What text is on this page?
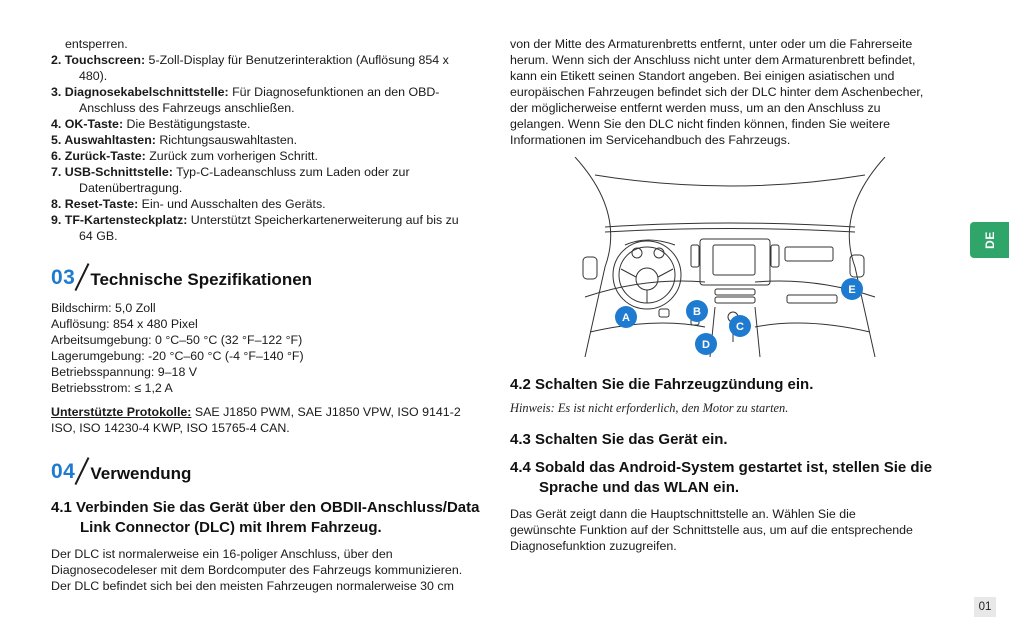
entsperren.
2. Touchscreen: 5-Zoll-Display für Benutzerinteraktion (Auflösung 854 x
480).
3. Diagnosekabelschnittstelle: Für Diagnosefunktionen an den OBD-
Anschluss des Fahrzeugs anschließen.
4. OK-Taste: Die Bestätigungstaste.
5. Auswahltasten: Richtungsauswahltasten.
6. Zurück-Taste: Zurück zum vorherigen Schritt.
7. USB-Schnittstelle: Typ-C-Ladeanschluss zum Laden oder zur
Datenübertragung.
8. Reset-Taste: Ein- und Ausschalten des Geräts.
9. TF-Kartensteckplatz: Unterstützt Speicherkartenerweiterung auf bis zu
64 GB.
03 Technische Spezifikationen
Bildschirm: 5,0 Zoll
Auflösung: 854 x 480 Pixel
Arbeitsumgebung: 0 °C–50 °C (32 °F–122 °F)
Lagerumgebung: -20 °C–60 °C (-4 °F–140 °F)
Betriebsspannung: 9–18 V
Betriebsstrom: ≤ 1,2 A
Unterstützte Protokolle: SAE J1850 PWM, SAE J1850 VPW, ISO 9141-2
ISO, ISO 14230-4 KWP, ISO 15765-4 CAN.
04 Verwendung
4.1 Verbinden Sie das Gerät über den OBDII-Anschluss/Data
Link Connector (DLC) mit Ihrem Fahrzeug.
Der DLC ist normalerweise ein 16-poliger Anschluss, über den
Diagnosecodeleser mit dem Bordcomputer des Fahrzeugs kommunizieren.
Der DLC befindet sich bei den meisten Fahrzeugen normalerweise 30 cm
von der Mitte des Armaturenbretts entfernt, unter oder um die Fahrerseite
herum. Wenn sich der Anschluss nicht unter dem Armaturenbrett befindet,
kann ein Etikett seinen Standort angeben. Bei einigen asiatischen und
europäischen Fahrzeugen befindet sich der DLC hinter dem Aschenbecher,
der möglicherweise entfernt werden muss, um an den Anschluss zu
gelangen. Wenn Sie den DLC nicht finden können, finden Sie weitere
Informationen im Servicehandbuch des Fahrzeugs.
A	B
C
D
E
4.2 Schalten Sie die Fahrzeugzündung ein.
Hinweis: Es ist nicht erforderlich, den Motor zu starten.
4.3 Schalten Sie das Gerät ein.
4.4 Sobald das Android-System gestartet ist, stellen Sie die
Sprache und das WLAN ein.
Das Gerät zeigt dann die Hauptschnittstelle an. Wählen Sie die
gewünschte Funktion auf der Schnittstelle aus, um auf die entsprechende
Diagnosefunktion zuzugreifen.
DE
01
